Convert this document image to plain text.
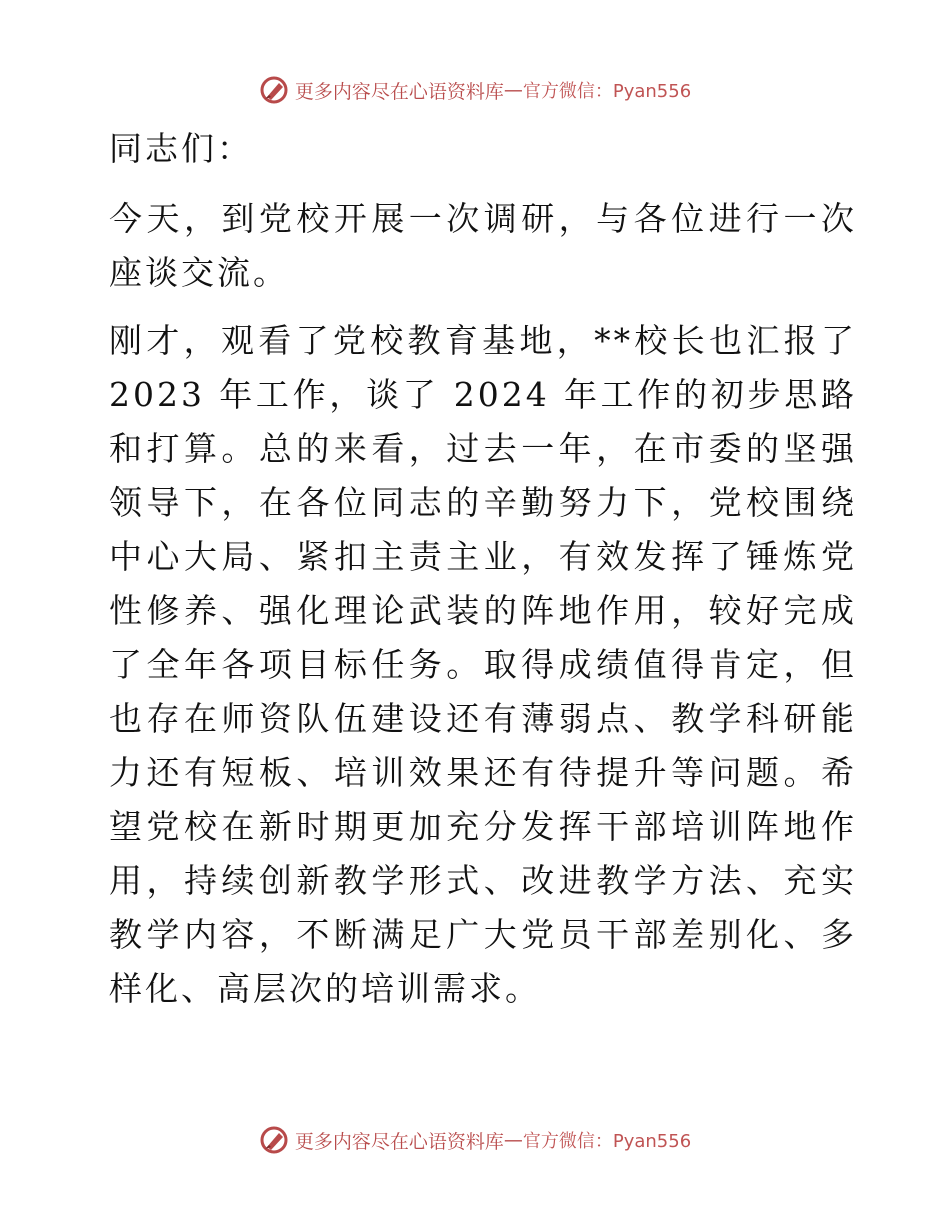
更多内容尽在心语资料库 — 官方微信：Pyan556
同志们：

今天，到党校开展一次调研，与各位进行一次座谈交流。

刚才，观看了党校教育基地，**校长也汇报了 2023 年工作，谈了 2024 年工作的初步思路和打算。总的来看，过去一年，在市委的坚强领导下，在各位同志的辛勤努力下，党校围绕中心大局、紧扣主责主业，有效发挥了锤炼党性修养、强化理论武装的阵地作用，较好完成了全年各项目标任务。取得成绩值得肯定，但也存在师资队伍建设还有薄弱点、教学科研能力还有短板、培训效果还有待提升等问题。希望党校在新时期更加充分发挥干部培训阵地作用，持续创新教学形式、改进教学方法、充实教学内容，不断满足广大党员干部差别化、多样化、高层次的培训需求。

更多内容尽在心语资料库 — 官方微信：Pyan556
